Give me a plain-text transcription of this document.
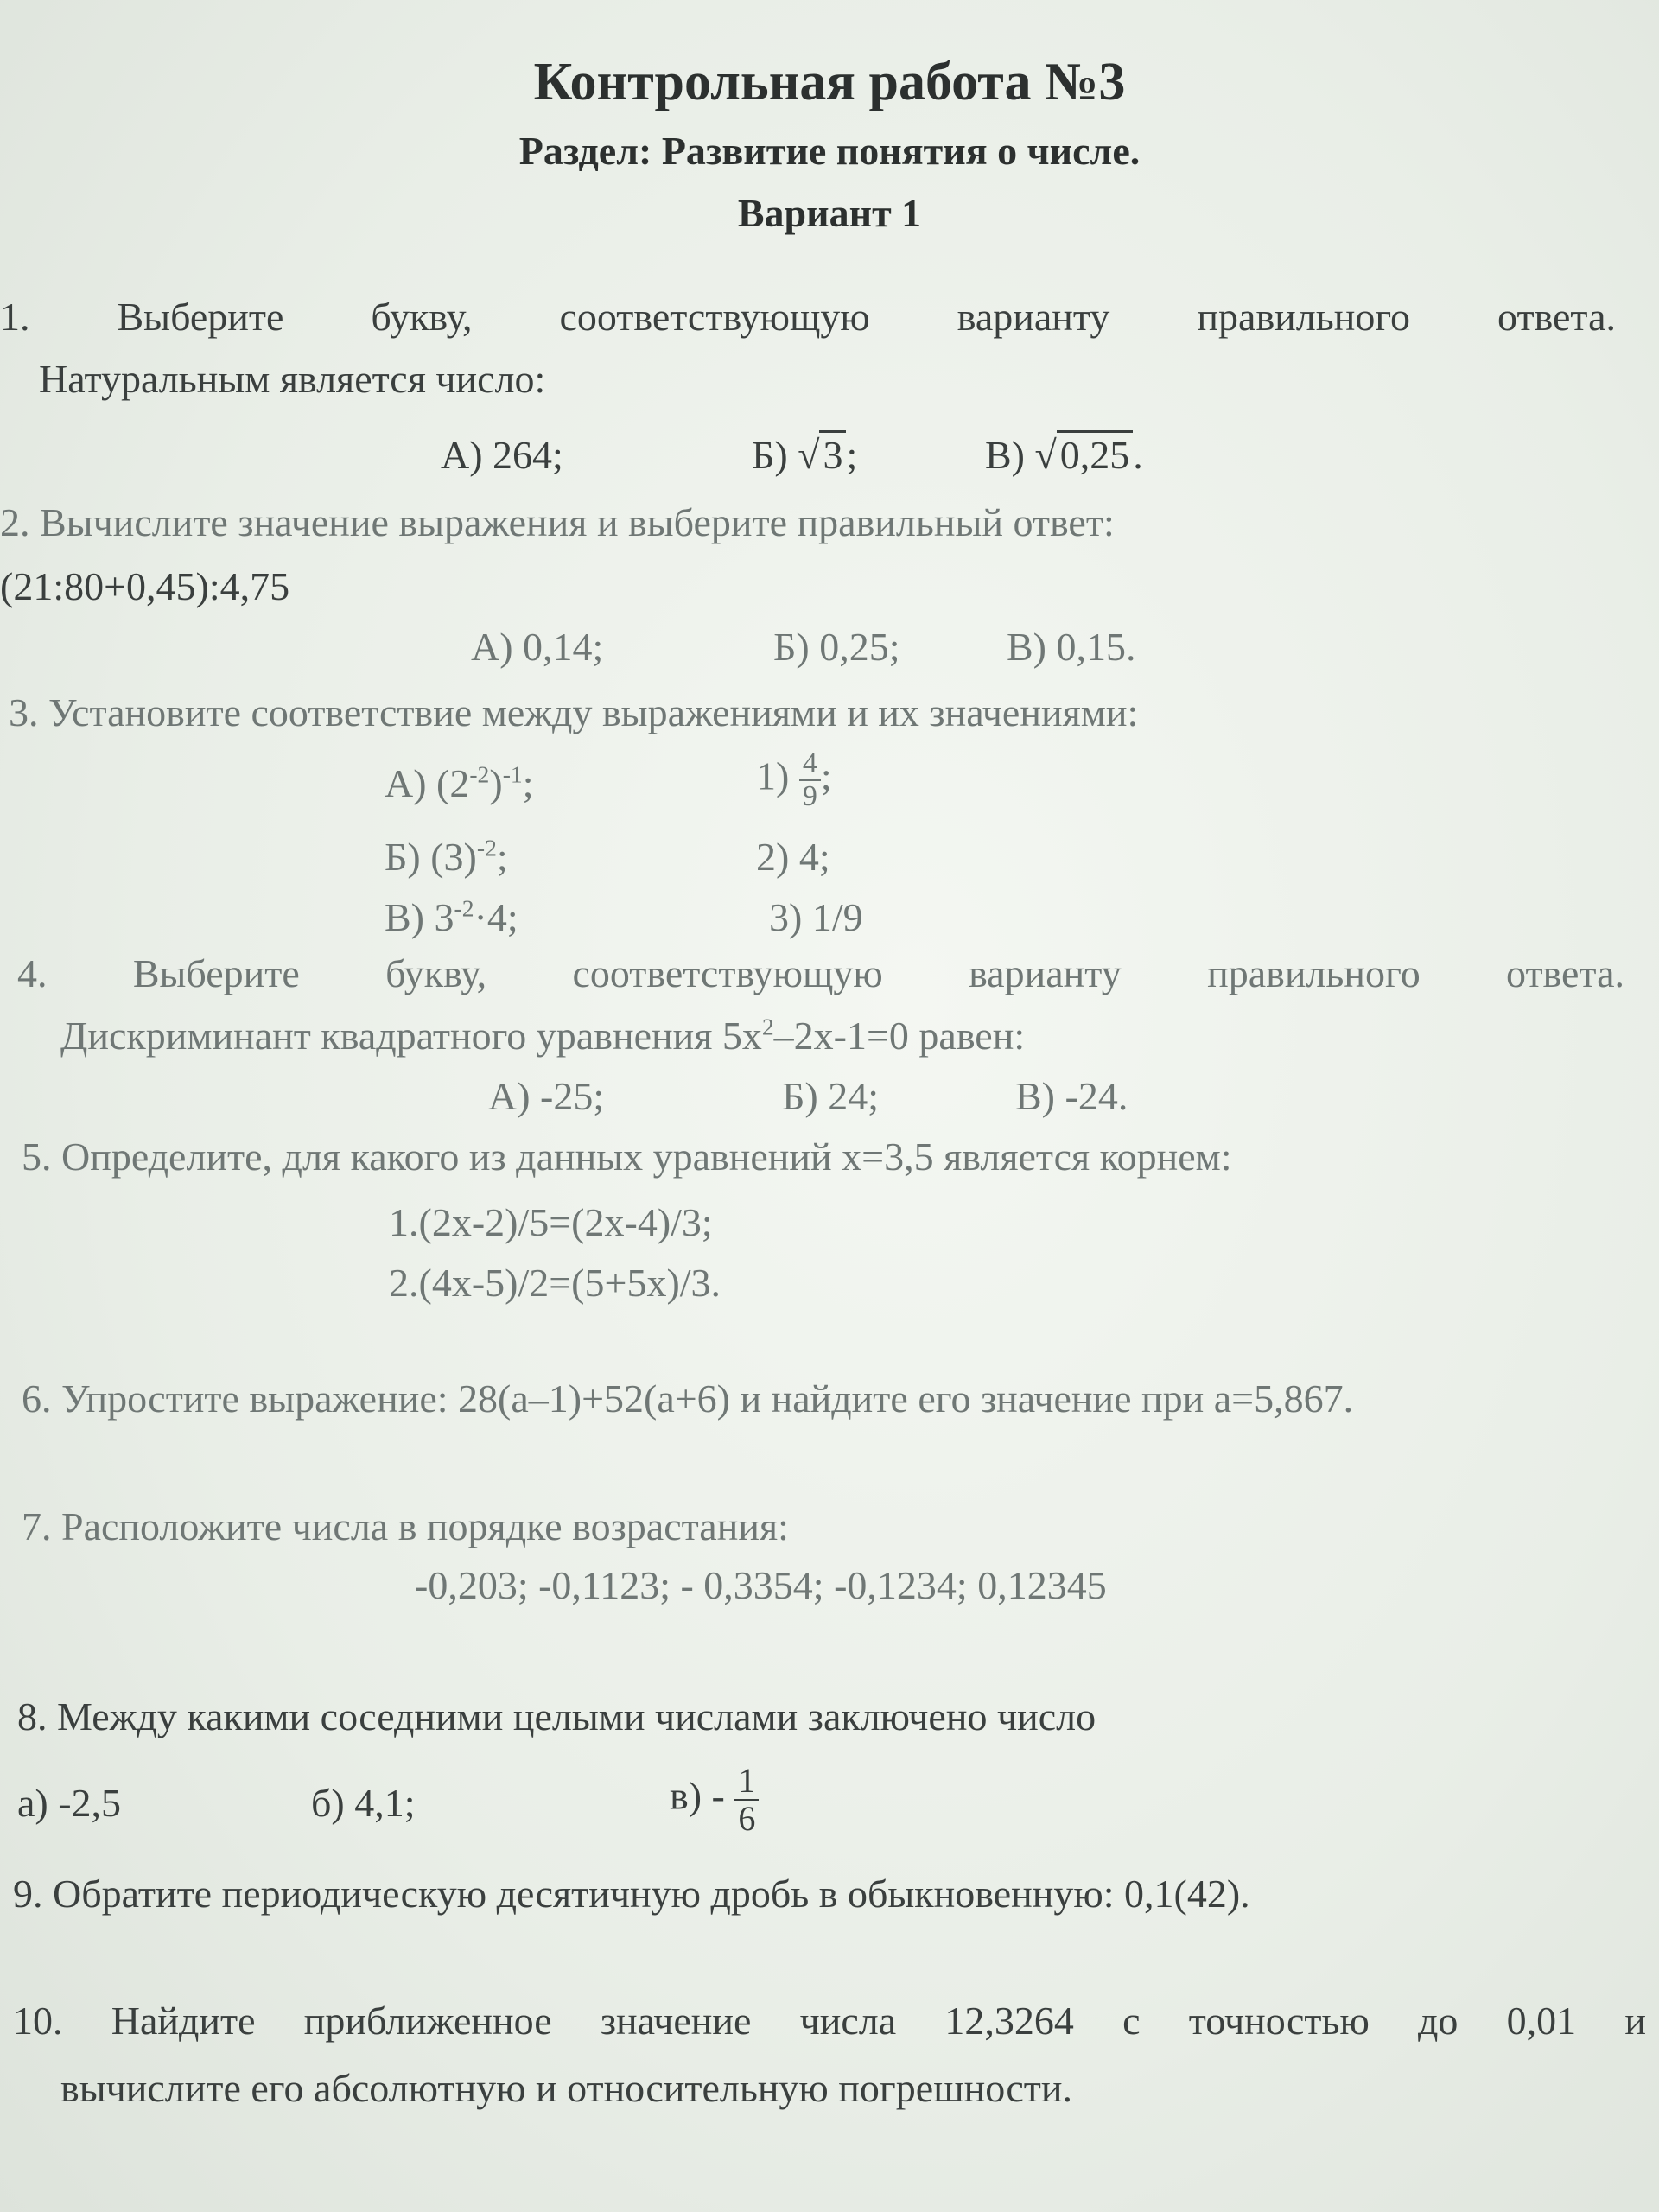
Контрольная работа №3
Раздел: Развитие понятия о числе.
Вариант 1
1. Выберите букву, соответствующую варианту правильного ответа.
Натуральным является число:
А) 264;	Б) √3;	В) √0,25.
2. Вычислите значение выражения и выберите правильный ответ:
(21:80+0,45):4,75
А) 0,14;	Б) 0,25;	В) 0,15.
3. Установите соответствие между выражениями и их значениями:
А) $(2^{-2})^{-1}$;	$1) \frac{4}{9}$ ;
Б) $(3)^{-2}$;	2) 4;
В) $3^{-2}\cdot 4$;	3) 1/9
4. Выберите букву, соответствующую варианту правильного ответа.
Дискриминант квадратного уравнения $5x^2-2x-1=0$ равен:
А) -25;	Б) 24;	В) -24.
5. Определите, для какого из данных уравнений x=3,5 является корнем:
1.(2x-2)/5=(2x-4)/3;
2.(4x-5)/2=(5+5x)/3.
6. Упростите выражение: 28(a–1)+52(a+6) и найдите его значение при a=5,867.
7. Расположите числа в порядке возрастания:
-0,203; -0,1123; - 0,3354; -0,1234; 0,12345
8. Между какими соседними целыми числами заключено число
а) -2,5	б) 4,1;	$в) - \frac{1}{6}$
9. Обратите периодическую десятичную дробь в обыкновенную: 0,1(42).
10. Найдите приближенное значение числа 12,3264 с точностью до 0,01 и
вычислите его абсолютную и относительную погрешности.
